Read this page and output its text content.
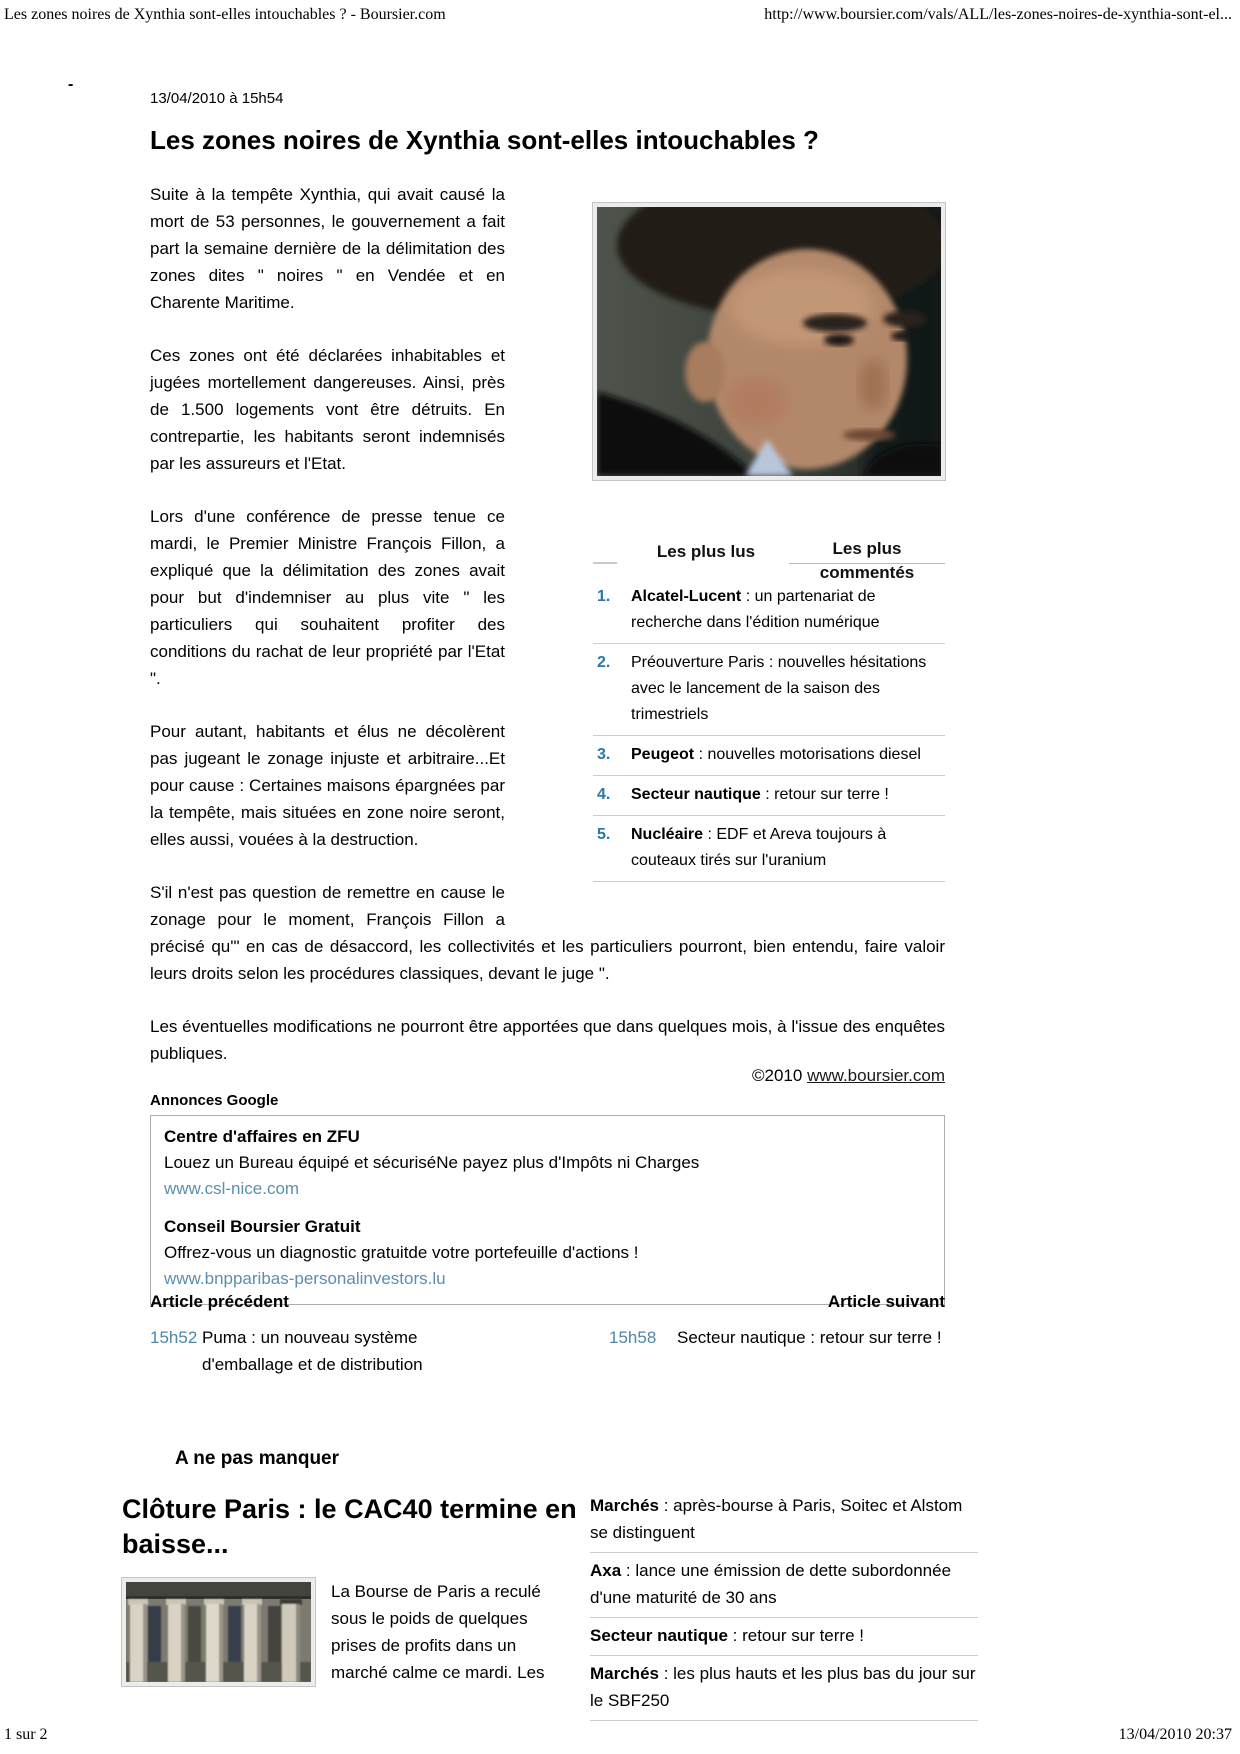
Les zones noires de Xynthia sont-elles intouchables ? - Boursier.com	http://www.boursier.com/vals/ALL/les-zones-noires-de-xynthia-sont-el...
-
13/04/2010 à 15h54
Les zones noires de Xynthia sont-elles intouchables ?
Les plus lus	Les plus commentés
1.	Alcatel-Lucent : un partenariat de recherche dans l'édition numérique
2.	Préouverture Paris : nouvelles hésitations avec le lancement de la saison des trimestriels
3.	Peugeot : nouvelles motorisations diesel
4.	Secteur nautique : retour sur terre !
5.	Nucléaire : EDF et Areva toujours à couteaux tirés sur l'uranium

Suite à la tempête Xynthia, qui avait causé la mort de 53 personnes, le gouvernement a fait part la semaine dernière de la délimitation des zones dites " noires " en Vendée et en Charente Maritime.

Ces zones ont été déclarées inhabitables et jugées mortellement dangereuses. Ainsi, près de 1.500 logements vont être détruits. En contrepartie, les habitants seront indemnisés par les assureurs et l'Etat.

Lors d'une conférence de presse tenue ce mardi, le Premier Ministre François Fillon, a expliqué que la délimitation des zones avait pour but d'indemniser au plus vite " les particuliers qui souhaitent profiter des conditions du rachat de leur propriété par l'Etat ".

Pour autant, habitants et élus ne décolèrent pas jugeant le zonage injuste et arbitraire...Et pour cause : Certaines maisons épargnées par la tempête, mais situées en zone noire seront, elles aussi, vouées à la destruction.

S'il n'est pas question de remettre en cause le zonage pour le moment, François Fillon a précisé qu'" en cas de désaccord, les collectivités et les particuliers pourront, bien entendu, faire valoir leurs droits selon les procédures classiques, devant le juge ".

Les éventuelles modifications ne pourront être apportées que dans quelques mois, à l'issue des enquêtes publiques.

©2010 www.boursier.com
Annonces Google
Centre d'affaires en ZFU
Louez un Bureau équipé et sécuriséNe payez plus d'Impôts ni Charges
www.csl-nice.com
Conseil Boursier Gratuit
Offrez-vous un diagnostic gratuitde votre portefeuille d'actions !
www.bnpparibas-personalinvestors.lu
Article précédent
15h52 Puma : un nouveau système d'emballage et de distribution
Article suivant
15h58	Secteur nautique : retour sur terre !
A ne pas manquer
Clôture Paris : le CAC40 termine en baisse...

La Bourse de Paris a reculé sous le poids de quelques prises de profits dans un marché calme ce mardi. Les

Marchés : après-bourse à Paris, Soitec et Alstom se distinguent
Axa : lance une émission de dette subordonnée d'une maturité de 30 ans
Secteur nautique : retour sur terre !
Marchés : les plus hauts et les plus bas du jour sur le SBF250
1 sur 2	13/04/2010 20:37
